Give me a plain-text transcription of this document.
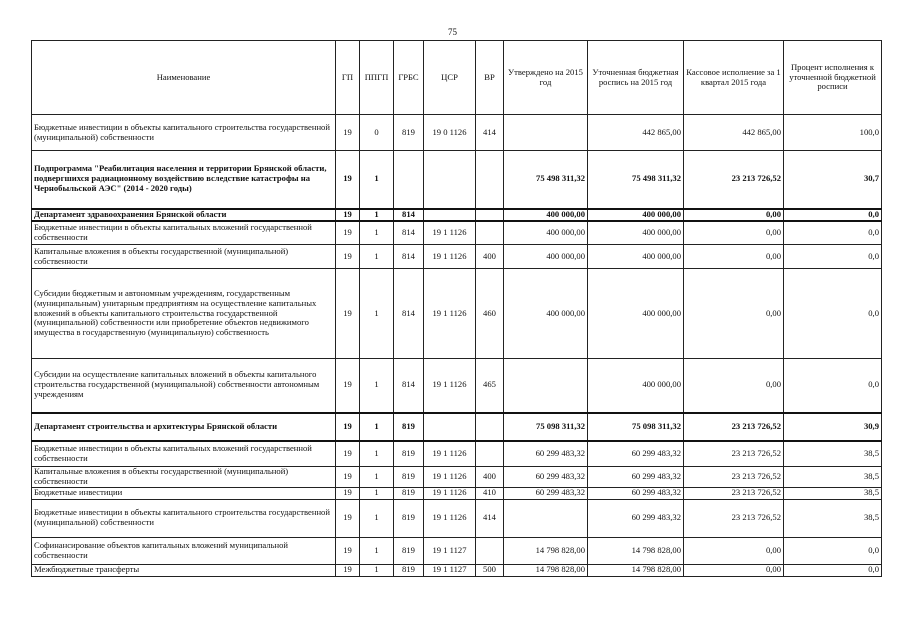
75
Наименование	ГП	ППГП	ГРБС	ЦСР	ВР	Утверждено на 2015 год	Уточненная бюджетная роспись на 2015 год	Кассовое исполнение за 1 квартал 2015 года	Процент исполнения к уточненной бюджетной росписи
Бюджетные инвестиции в объекты капитального строительства государственной (муниципальной) собственности	19	0	819	19 0 1126	414		442 865,00	442 865,00	100,0
Подпрограмма "Реабилитация населения и территории Брянской области, подвергшихся радиационному воздействию вследствие катастрофы на Чернобыльской АЭС" (2014 - 2020 годы)	19	1				75 498 311,32	75 498 311,32	23 213 726,52	30,7
Департамент здравоохранения Брянской области	19	1	814			400 000,00	400 000,00	0,00	0,0
Бюджетные инвестиции в объекты капитальных вложений государственной собственности	19	1	814	19 1 1126		400 000,00	400 000,00	0,00	0,0
Капитальные вложения в объекты государственной (муниципальной) собственности	19	1	814	19 1 1126	400	400 000,00	400 000,00	0,00	0,0
Субсидии бюджетным и автономным учреждениям, государственным (муниципальным) унитарным предприятиям на осуществление капитальных вложений в объекты капитального строительства государственной (муниципальной) собственности или приобретение объектов недвижимого имущества в государственную (муниципальную) собственность	19	1	814	19 1 1126	460	400 000,00	400 000,00	0,00	0,0
Субсидии на осуществление капитальных вложений в объекты капитального строительства государственной (муниципальной) собственности автономным учреждениям	19	1	814	19 1 1126	465		400 000,00	0,00	0,0
Департамент строительства и архитектуры Брянской области	19	1	819			75 098 311,32	75 098 311,32	23 213 726,52	30,9
Бюджетные инвестиции в объекты капитальных вложений государственной собственности	19	1	819	19 1 1126		60 299 483,32	60 299 483,32	23 213 726,52	38,5
Капитальные вложения в объекты государственной (муниципальной) собственности	19	1	819	19 1 1126	400	60 299 483,32	60 299 483,32	23 213 726,52	38,5
Бюджетные инвестиции	19	1	819	19 1 1126	410	60 299 483,32	60 299 483,32	23 213 726,52	38,5
Бюджетные инвестиции в объекты капитального строительства государственной (муниципальной) собственности	19	1	819	19 1 1126	414		60 299 483,32	23 213 726,52	38,5
Софинансирование объектов капитальных вложений муниципальной собственности	19	1	819	19 1 1127		14 798 828,00	14 798 828,00	0,00	0,0
Межбюджетные трансферты	19	1	819	19 1 1127	500	14 798 828,00	14 798 828,00	0,00	0,0
